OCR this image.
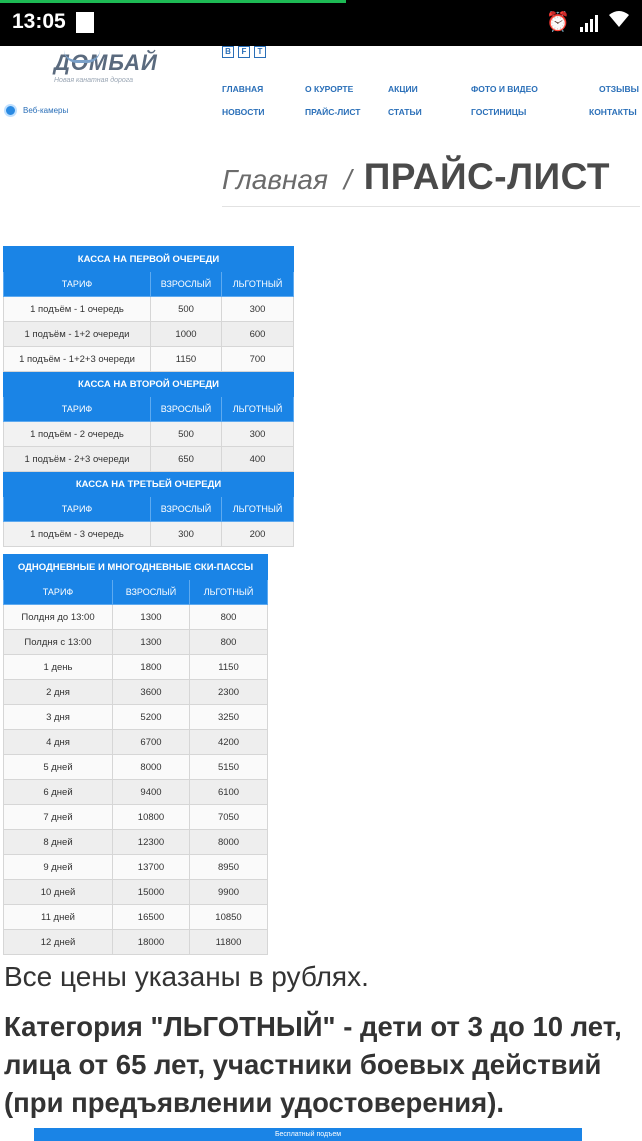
13:05	⏰
ДОМБАЙ
Новая канатная дорога
B	F	T
Веб-камеры
ГЛАВНАЯ	О КУРОРТЕ	АКЦИИ	ФОТО И ВИДЕО	ОТЗЫВЫ
НОВОСТИ	ПРАЙС-ЛИСТ	СТАТЬИ	ГОСТИНИЦЫ	КОНТАКТЫ
Главная / ПРАЙС-ЛИСТ
КАССА НА ПЕРВОЙ ОЧЕРЕДИ		
ТАРИФ	ВЗРОСЛЫЙ	ЛЬГОТНЫЙ
1 подъём - 1 очередь	500	300
1 подъём - 1+2 очереди	1000	600
1 подъём - 1+2+3 очереди	1150	700
КАССА НА ВТОРОЙ ОЧЕРЕДИ		
ТАРИФ	ВЗРОСЛЫЙ	ЛЬГОТНЫЙ
1 подъём - 2 очередь	500	300
1 подъём - 2+3 очереди	650	400
КАССА НА ТРЕТЬЕЙ ОЧЕРЕДИ		
ТАРИФ	ВЗРОСЛЫЙ	ЛЬГОТНЫЙ
1 подъём - 3 очередь	300	200
ОДНОДНЕВНЫЕ И МНОГОДНЕВНЫЕ СКИ-ПАССЫ		
ТАРИФ	ВЗРОСЛЫЙ	ЛЬГОТНЫЙ
Полдня до 13:00	1300	800
Полдня с 13:00	1300	800
1 день	1800	1150
2 дня	3600	2300
3 дня	5200	3250
4 дня	6700	4200
5 дней	8000	5150
6 дней	9400	6100
7 дней	10800	7050
8 дней	12300	8000
9 дней	13700	8950
10 дней	15000	9900
11 дней	16500	10850
12 дней	18000	11800
Все цены указаны в рублях.
Категория "ЛЬГОТНЫЙ" - дети от 3 до 10 лет, лица от 65 лет, участники боевых действий (при предъявлении удостоверения).
Бесплатный подъем
